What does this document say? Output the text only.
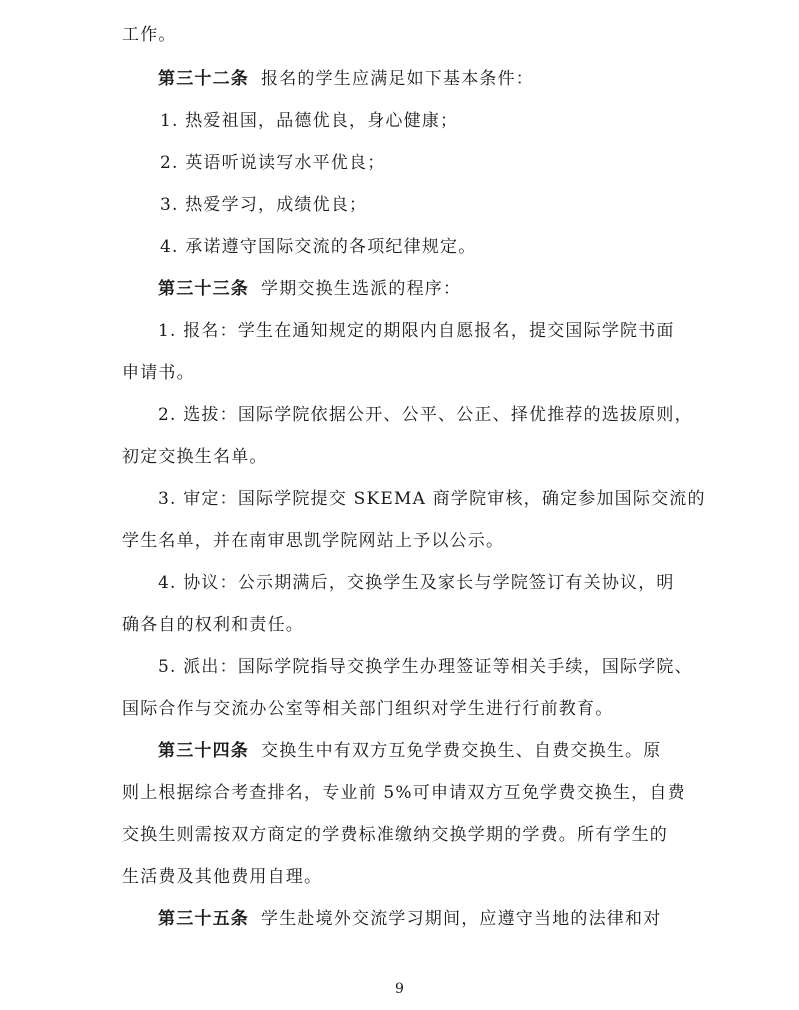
工作。
第三十二条 报名的学生应满足如下基本条件：
1. 热爱祖国，品德优良，身心健康；
2. 英语听说读写水平优良；
3. 热爱学习，成绩优良；
4. 承诺遵守国际交流的各项纪律规定。
第三十三条 学期交换生选派的程序：
1. 报名：学生在通知规定的期限内自愿报名，提交国际学院书面
申请书。
2. 选拔：国际学院依据公开、公平、公正、择优推荐的选拔原则，
初定交换生名单。
3. 审定：国际学院提交 SKEMA 商学院审核，确定参加国际交流的
学生名单，并在南审思凯学院网站上予以公示。
4. 协议：公示期满后，交换学生及家长与学院签订有关协议，明
确各自的权利和责任。
5. 派出：国际学院指导交换学生办理签证等相关手续，国际学院、
国际合作与交流办公室等相关部门组织对学生进行行前教育。
第三十四条 交换生中有双方互免学费交换生、自费交换生。原
则上根据综合考查排名，专业前 5%可申请双方互免学费交换生，自费
交换生则需按双方商定的学费标准缴纳交换学期的学费。所有学生的
生活费及其他费用自理。
第三十五条 学生赴境外交流学习期间，应遵守当地的法律和对
9
